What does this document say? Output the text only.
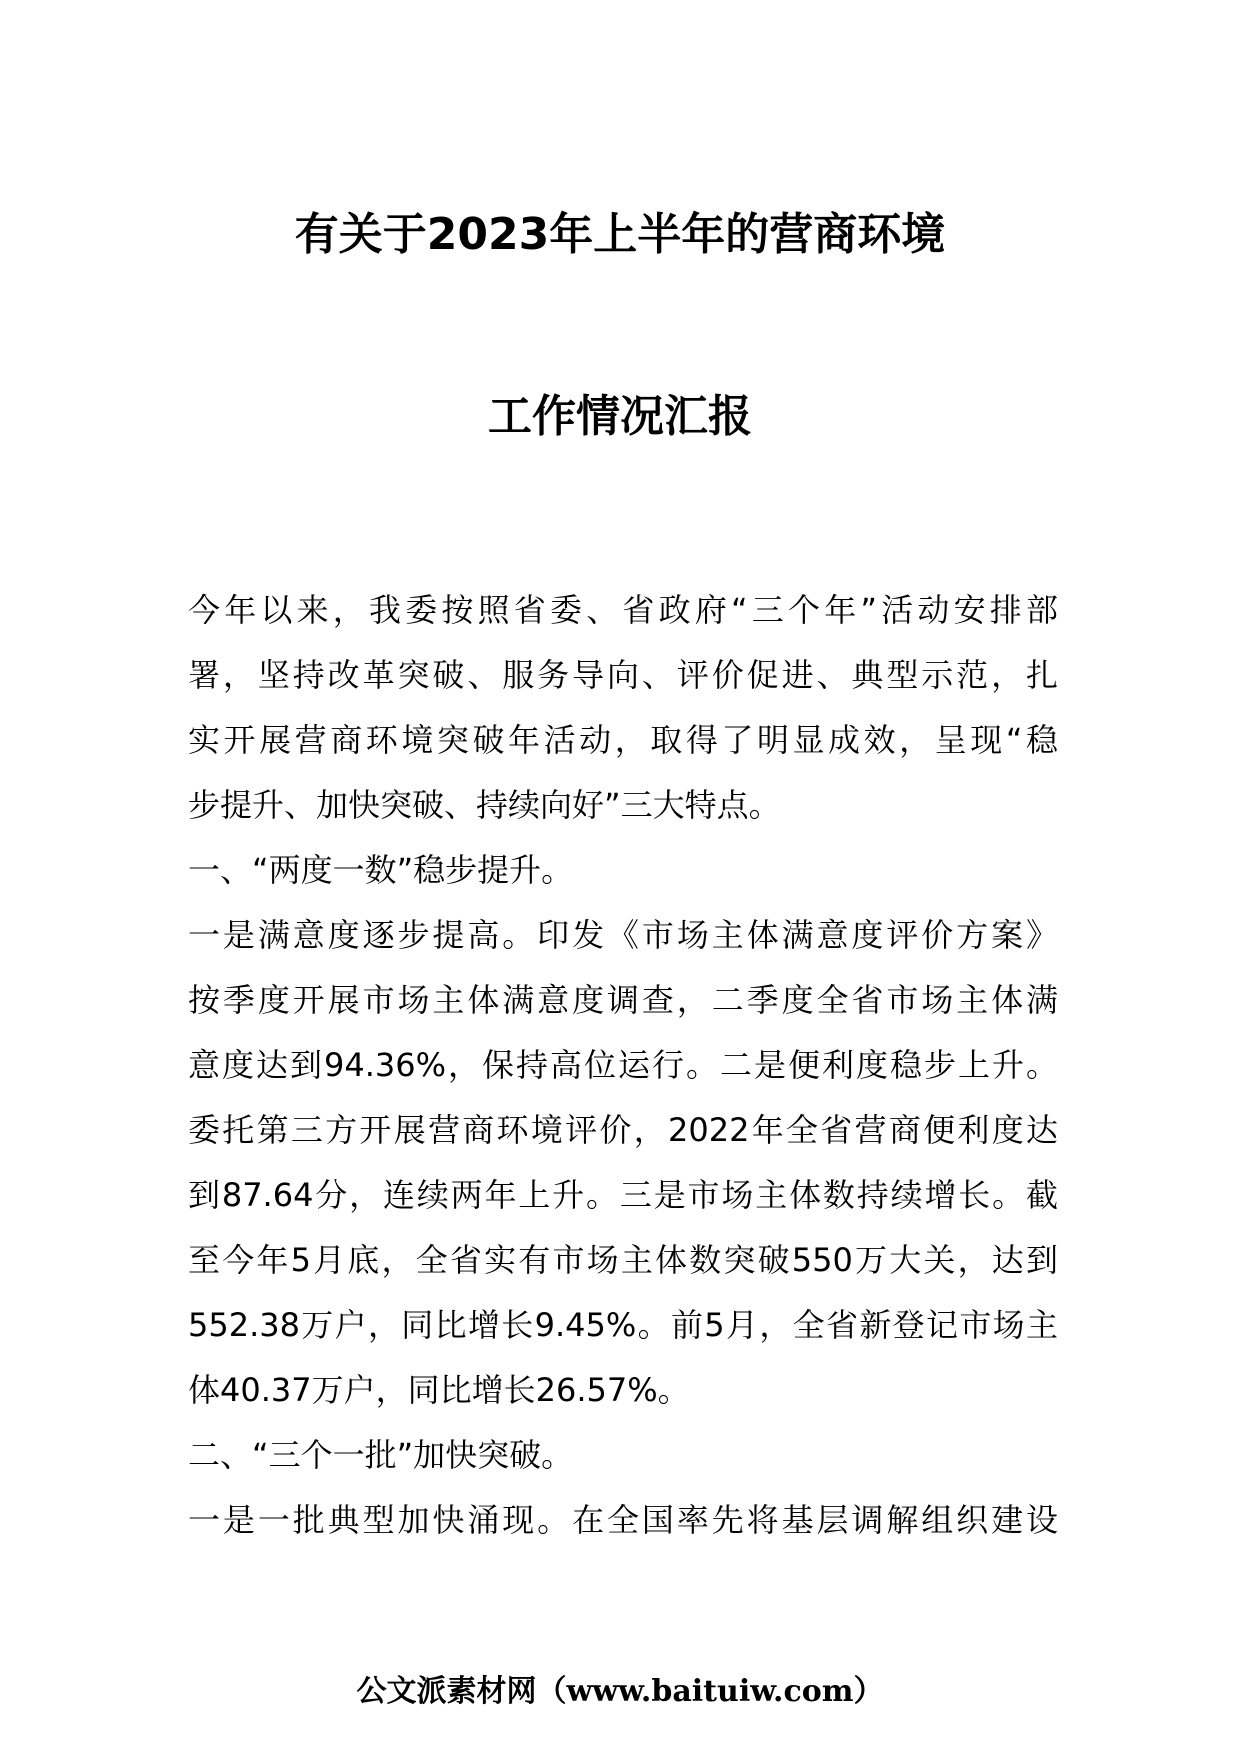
有关于2023年上半年的营商环境
工作情况汇报
今年以来，我委按照省委、省政府“三个年”活动安排部
署，坚持改革突破、服务导向、评价促进、典型示范，扎
实开展营商环境突破年活动，取得了明显成效，呈现“稳
步提升、加快突破、持续向好”三大特点。
一、“两度一数”稳步提升。
一是满意度逐步提高。印发《市场主体满意度评价方案》
按季度开展市场主体满意度调查，二季度全省市场主体满
意度达到94.36%，保持高位运行。二是便利度稳步上升。
委托第三方开展营商环境评价，2022年全省营商便利度达
到87.64分，连续两年上升。三是市场主体数持续增长。截
至今年5月底，全省实有市场主体数突破550万大关，达到
552.38万户，同比增长9.45%。前5月，全省新登记市场主
体40.37万户，同比增长26.57%。
二、“三个一批”加快突破。
一是一批典型加快涌现。在全国率先将基层调解组织建设
公文派素材网（www.baituiw.com）
